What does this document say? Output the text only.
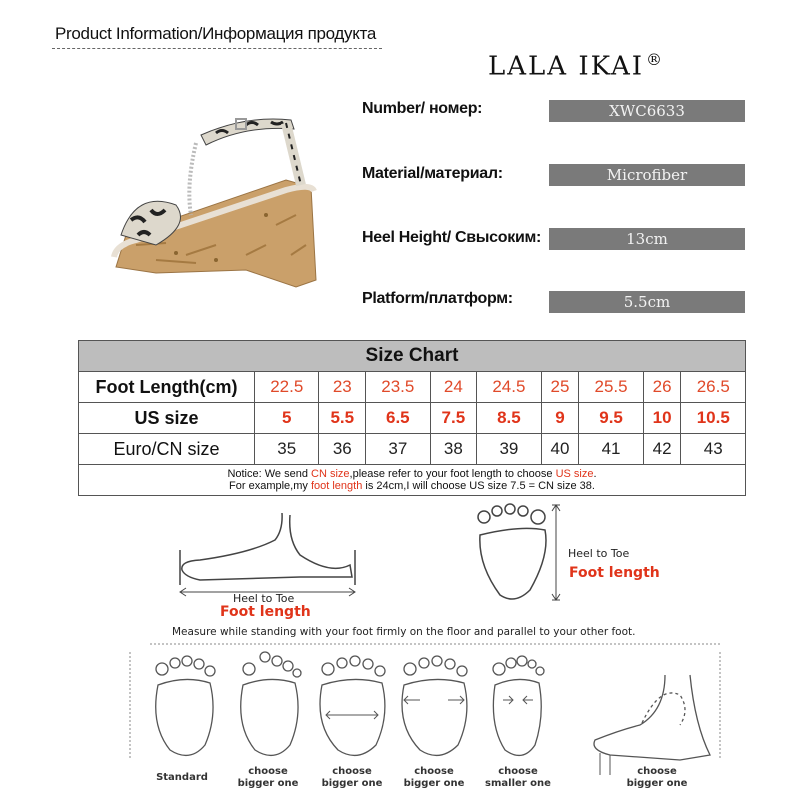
Product Information/Информация продукта
LALA IKAI ®
Number/ номер:	XWC6633
Material/материал:	Microfiber
Heel Height/ Свысоким:	13cm
Platform/платформ:	5.5cm
Size Chart									
Foot Length(cm)	22.5	23	23.5	24	24.5	25	25.5	26	26.5
US size	5	5.5	6.5	7.5	8.5	9	9.5	10	10.5
Euro/CN size	35	36	37	38	39	40	41	42	43
Notice: We send CN size,please refer to your foot length to choose US size.
For example,my foot length is 24cm,I will choose US size 7.5 = CN size 38.									
Heel to Toe
Foot length
Heel to Toe
Foot length
Measure while standing with your foot firmly on the floor and parallel to your other foot.
Standard
choose
bigger one
choose
bigger one
choose
bigger one
choose
smaller one
choose
bigger one
